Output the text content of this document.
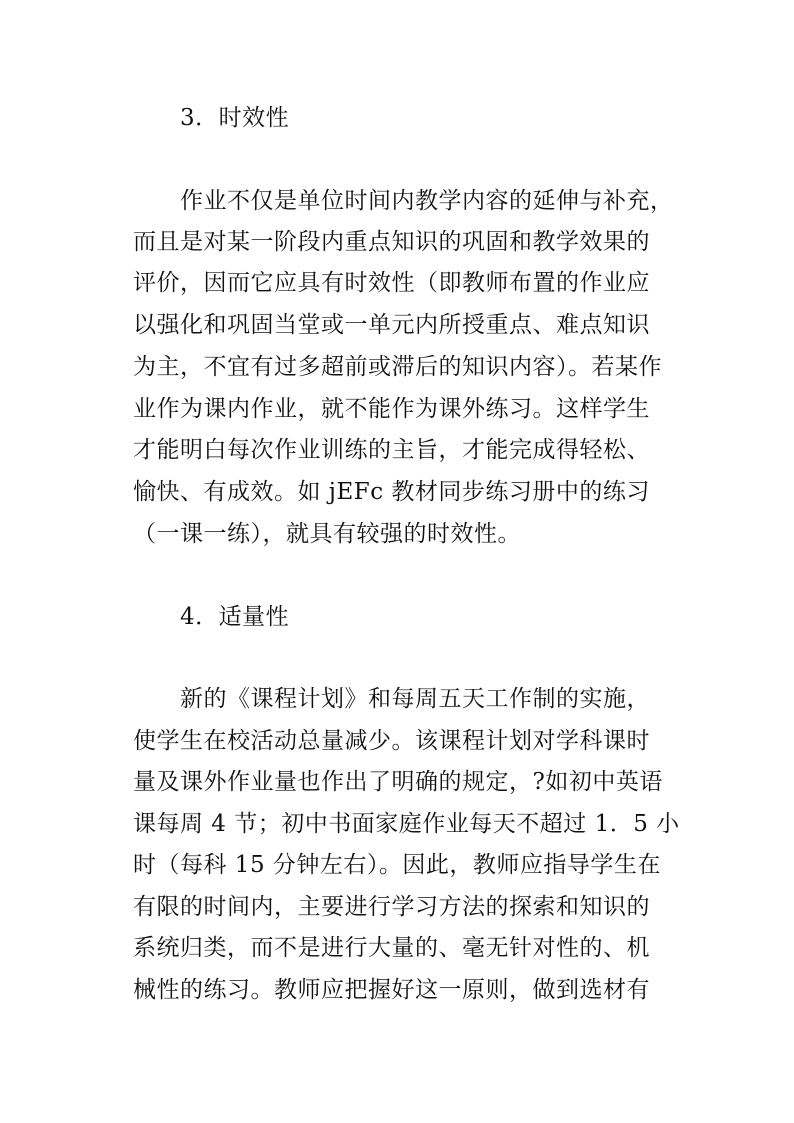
3．时效性
作业不仅是单位时间内教学内容的延伸与补充，
而且是对某一阶段内重点知识的巩固和教学效果的
评价，因而它应具有时效性（即教师布置的作业应
以强化和巩固当堂或一单元内所授重点、难点知识
为主，不宜有过多超前或滞后的知识内容）。若某作
业作为课内作业，就不能作为课外练习。这样学生
才能明白每次作业训练的主旨，才能完成得轻松、
愉快、有成效。如 jEFc 教材同步练习册中的练习
（一课一练），就具有较强的时效性。
4．适量性
新的《课程计划》和每周五天工作制的实施，
使学生在校活动总量减少。该课程计划对学科课时
量及课外作业量也作出了明确的规定，?如初中英语
课每周 4 节；初中书面家庭作业每天不超过 1．5 小
时（每科 15 分钟左右）。因此，教师应指导学生在
有限的时间内，主要进行学习方法的探索和知识的
系统归类，而不是进行大量的、毫无针对性的、机
械性的练习。教师应把握好这一原则，做到选材有
